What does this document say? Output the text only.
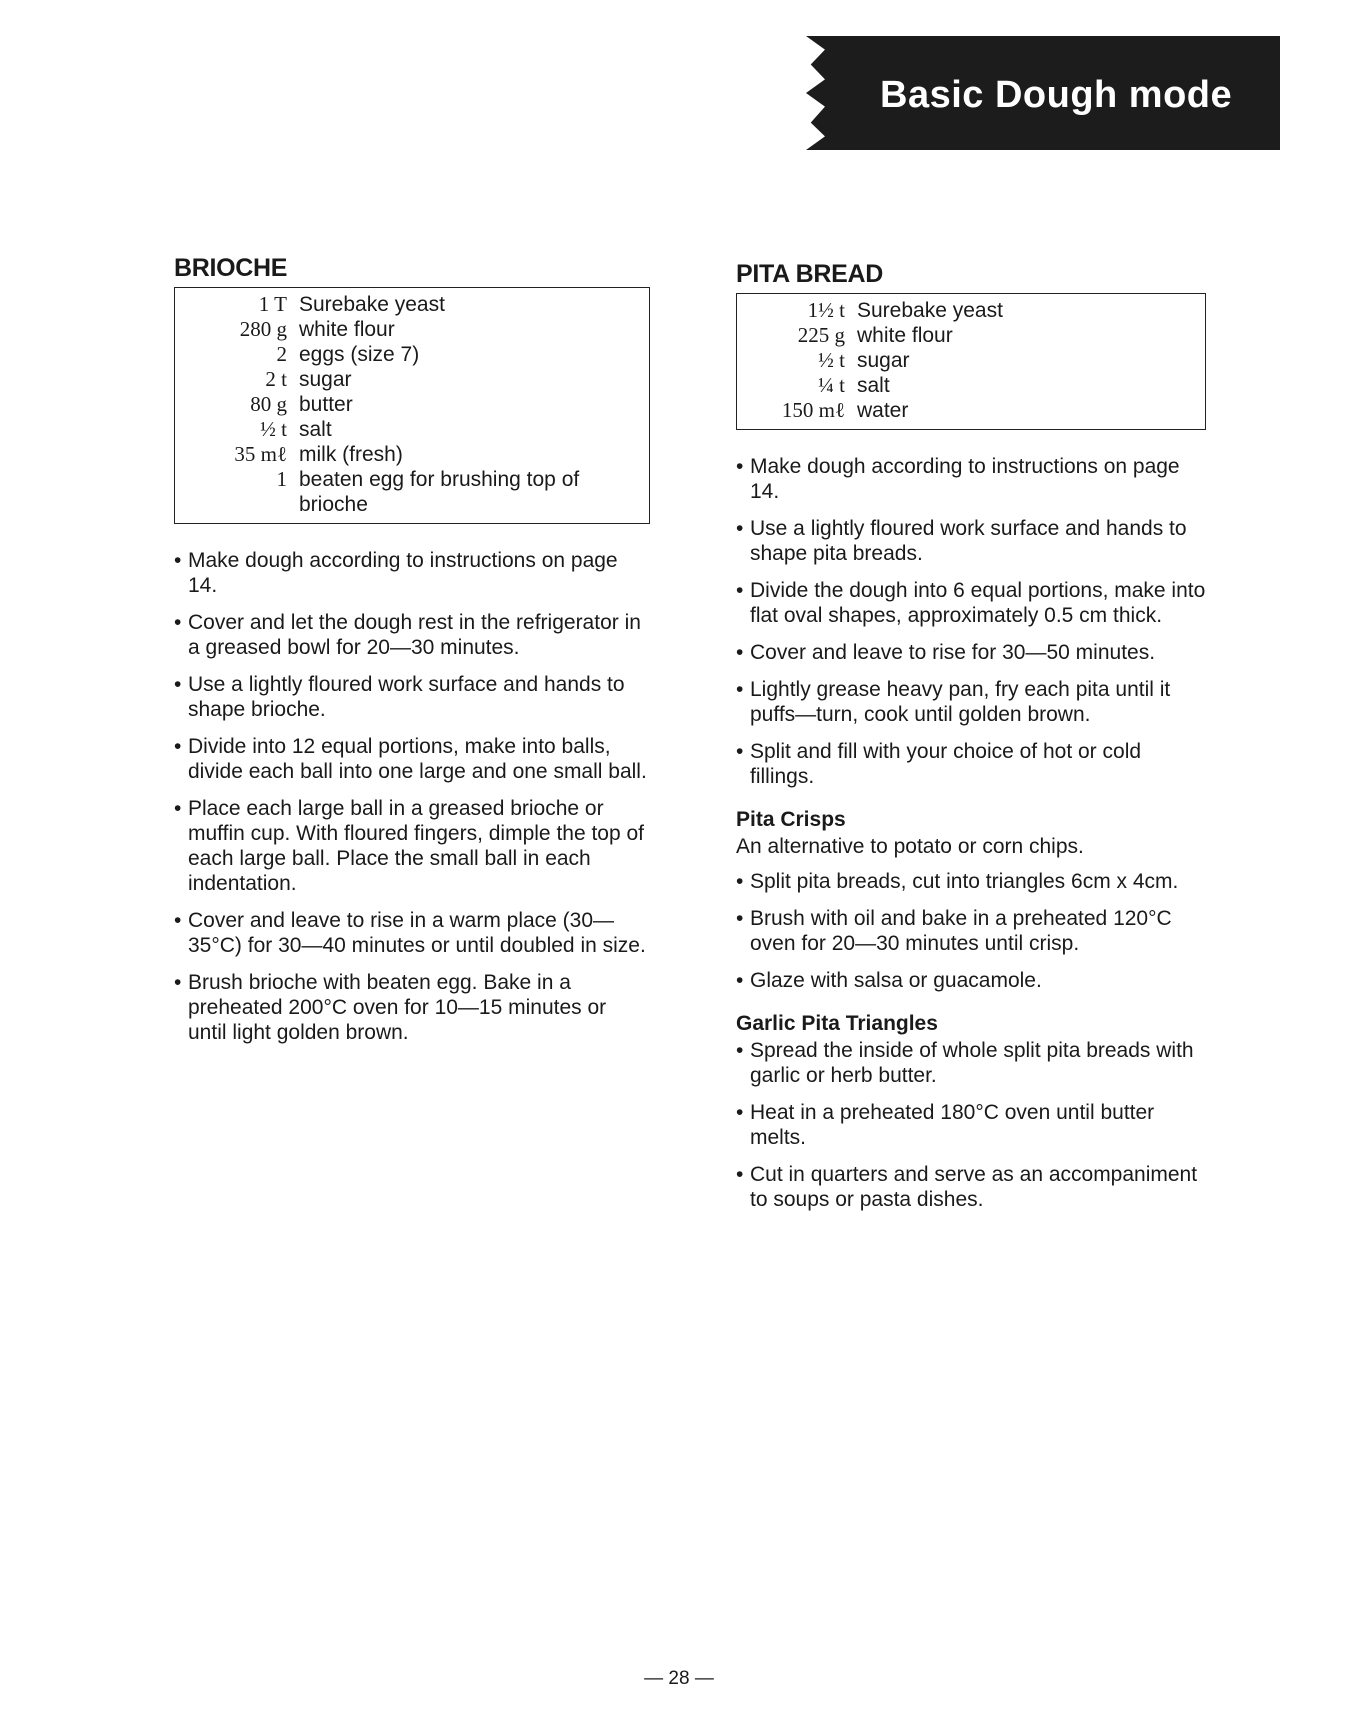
Basic Dough mode
BRIOCHE
1 T Surebake yeast
280 g white flour
2 eggs (size 7)
2 t sugar
80 g butter
½ t salt
35 mℓ milk (fresh)
1 beaten egg for brushing top of brioche
• Make dough according to instructions on page 14.
• Cover and let the dough rest in the refrigerator in a greased bowl for 20—30 minutes.
• Use a lightly floured work surface and hands to shape brioche.
• Divide into 12 equal portions, make into balls, divide each ball into one large and one small ball.
• Place each large ball in a greased brioche or muffin cup. With floured fingers, dimple the top of each large ball. Place the small ball in each indentation.
• Cover and leave to rise in a warm place (30—35°C) for 30—40 minutes or until doubled in size.
• Brush brioche with beaten egg. Bake in a preheated 200°C oven for 10—15 minutes or until light golden brown.
PITA BREAD
1½ t Surebake yeast
225 g white flour
½ t sugar
¼ t salt
150 mℓ water
• Make dough according to instructions on page 14.
• Use a lightly floured work surface and hands to shape pita breads.
• Divide the dough into 6 equal portions, make into flat oval shapes, approximately 0.5 cm thick.
• Cover and leave to rise for 30—50 minutes.
• Lightly grease heavy pan, fry each pita until it puffs—turn, cook until golden brown.
• Split and fill with your choice of hot or cold fillings.
Pita Crisps
An alternative to potato or corn chips.
• Split pita breads, cut into triangles 6cm x 4cm.
• Brush with oil and bake in a preheated 120°C oven for 20—30 minutes until crisp.
• Glaze with salsa or guacamole.
Garlic Pita Triangles
• Spread the inside of whole split pita breads with garlic or herb butter.
• Heat in a preheated 180°C oven until butter melts.
• Cut in quarters and serve as an accompaniment to soups or pasta dishes.
— 28 —
